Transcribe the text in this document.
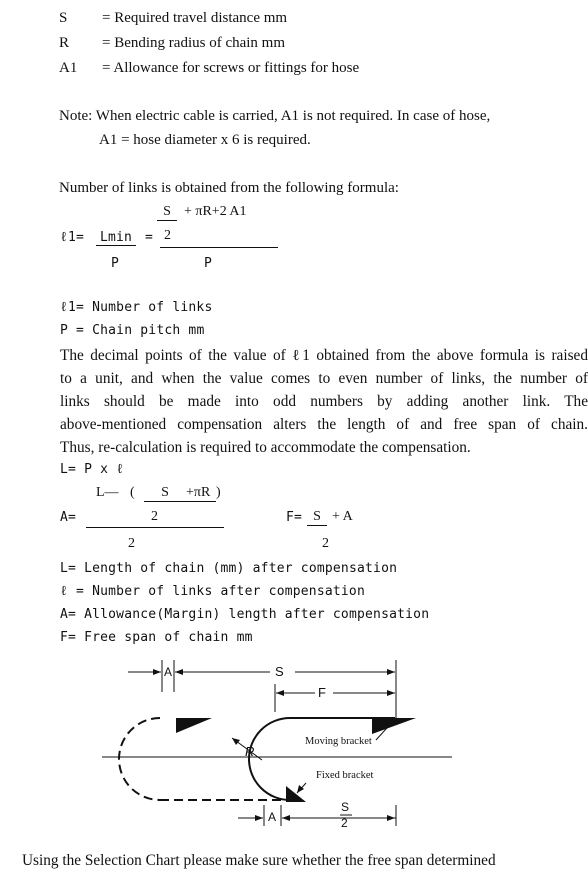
S = Required travel distance mm
R = Bending radius of chain mm
A1 = Allowance for screws or fittings for hose
Note: When electric cable is carried, A1 is not required. In case of hose,
A1 = hose diameter x 6 is required.
Number of links is obtained from the following formula:
S + πR+2 A1
ℓ1=	Lmin = 2
P	P
ℓ1= Number of links
P = Chain pitch mm
The decimal points of the value of ℓ1 obtained from the above formula is raised
to a unit, and when the value comes to even number of links, the number of
links should be made into odd numbers by adding another link. The
above-mentioned compensation alters the length of and free span of chain.
Thus, re-calculation is required to accommodate the compensation.
L= P x ℓ
L— (	S	+πR )
A=	2
2
F= S + A
2
L= Length of chain (mm) after compensation
ℓ = Number of links after compensation
A= Allowance(Margin) length after compensation
F= Free span of chain mm
A	S
F
R
Moving bracket
Fixed bracket
A
S
2
Using the Selection Chart please make sure whether the free span determined
